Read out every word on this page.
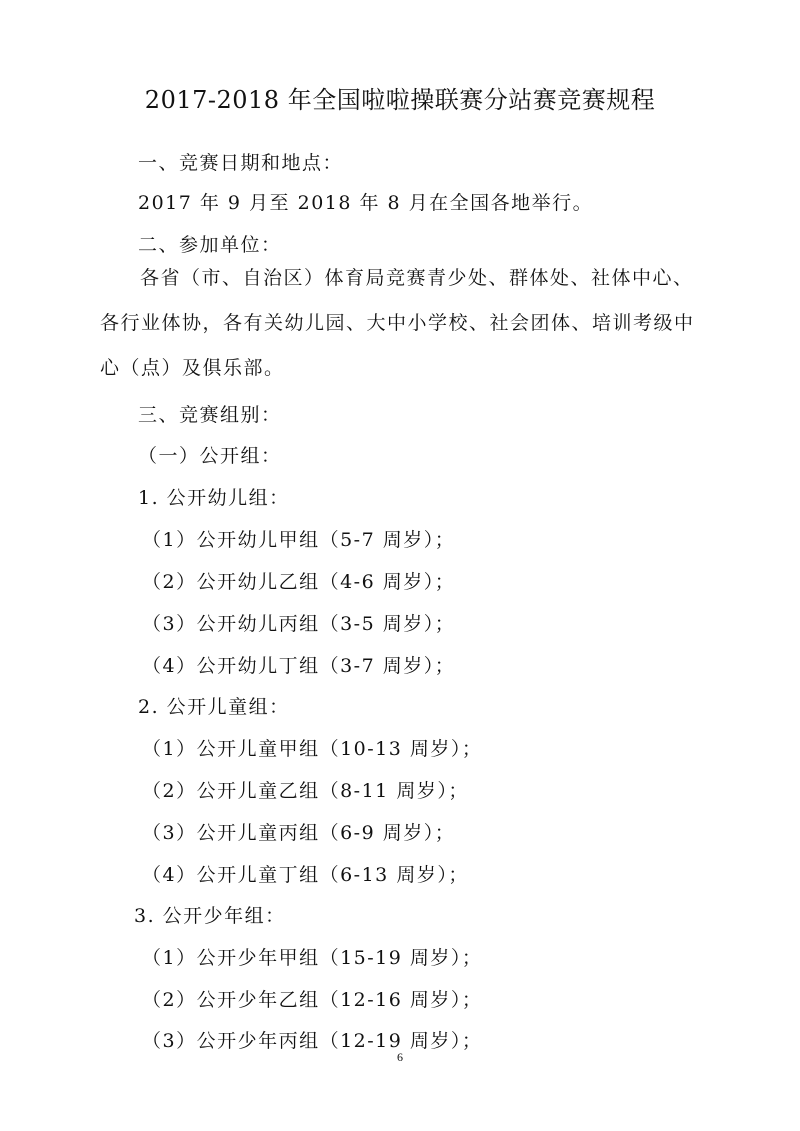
2017-2018 年全国啦啦操联赛分站赛竞赛规程
一、竞赛日期和地点：
2017 年 9 月至 2018 年 8 月在全国各地举行。
二、参加单位：
各省（市、自治区）体育局竞赛青少处、群体处、社体中心、各行业体协，各有关幼儿园、大中小学校、社会团体、培训考级中心（点）及俱乐部。
三、竞赛组别：
（一）公开组：
1. 公开幼儿组：
（1）公开幼儿甲组（5-7 周岁）；
（2）公开幼儿乙组（4-6 周岁）；
（3）公开幼儿丙组（3-5 周岁）；
（4）公开幼儿丁组（3-7 周岁）；
2. 公开儿童组：
（1）公开儿童甲组（10-13 周岁）；
（2）公开儿童乙组（8-11 周岁）；
（3）公开儿童丙组（6-9 周岁）；
（4）公开儿童丁组（6-13 周岁）；
3. 公开少年组：
（1）公开少年甲组（15-19 周岁）；
（2）公开少年乙组（12-16 周岁）；
（3）公开少年丙组（12-19 周岁）；
6
